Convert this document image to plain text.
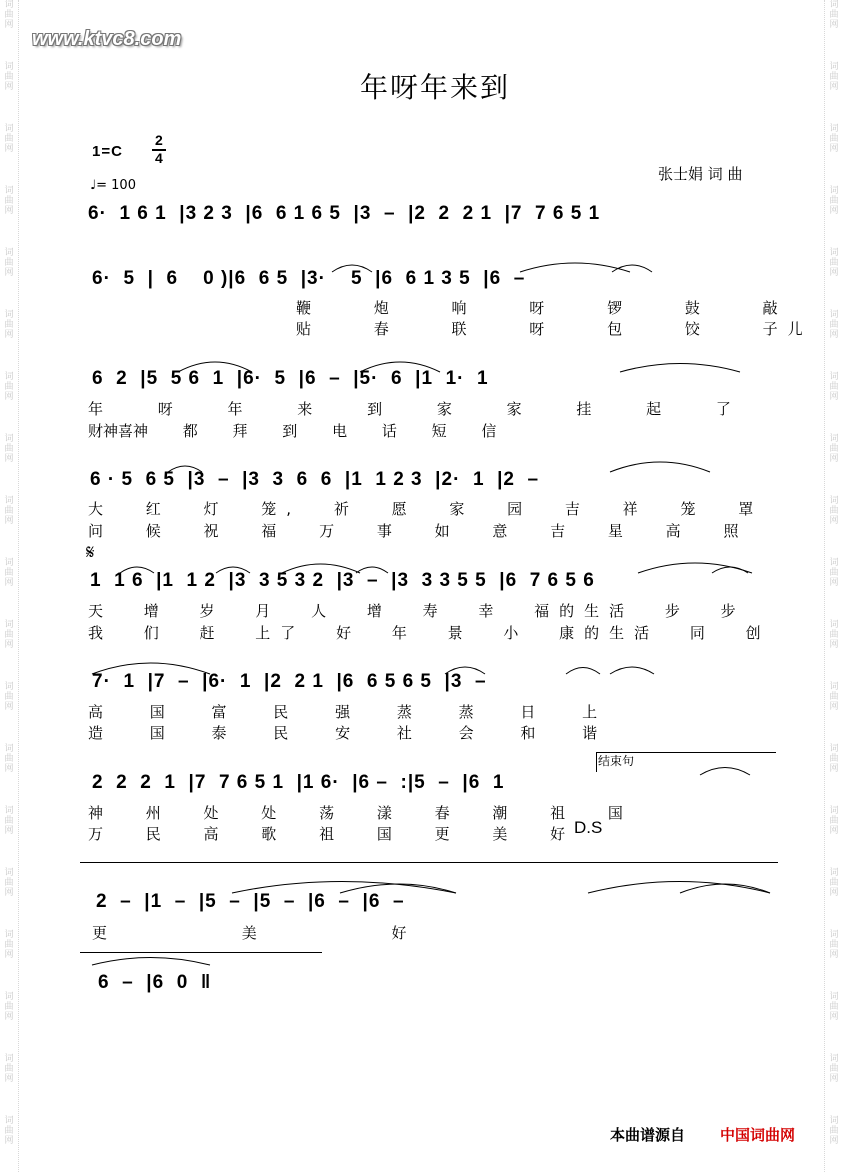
词
曲
网
词
曲
网
词
曲
网
词
曲
网
词
曲
网
词
曲
网
词
曲
网
词
曲
网
词
曲
网
词
曲
网
词
曲
网
词
曲
网
词
曲
网
词
曲
网
词
曲
网
词
曲
网
词
曲
网
词
曲
网
词
曲
网
词
曲
网
词
曲
网
词
曲
网
词
曲
网
词
曲
网
词
曲
网
词
曲
网
词
曲
网
词
曲
网
词
曲
网
词
曲
网
词
曲
网
词
曲
网
词
曲
网
词
曲
网
词
曲
网
词
曲
网
词
曲
网
词
曲
网
www.ktvc8.com
年呀年来到
1=C
2
4
♩= 100
张士娟 词 曲
6·  1 6 1  |3 2 3  |6  6 1 6 5  |3  –  |2  2  2 1  |7  7 6 5 1
6·  5  |  6    0 )|6  6 5  |3·    5  |6  6 1 3 5  |6  –
鞭 炮 响 呀 锣 鼓 敲
贴 春 联 呀 包 饺 子儿
6  2  |5  5 6  1  |6·  5  |6  –  |5·  6  |1  1·  1
年 呀 年 来 到 家 家 挂 起 了
财神喜神 都 拜 到 电 话 短 信
6 · 5  6 5  |3  –  |3  3  6  6  |1  1 2 3  |2·  1  |2  –
大 红 灯 笼, 祈 愿 家 园 吉 祥 笼 罩
问 候 祝 福 万 事 如 意 吉 星 高 照
𝄋
1  1 6  |1  1 2  |3  3 5 3 2  |3  –  |3  3 3 5 5  |6  7 6 5 6
天 增 岁 月 人 增 寿 幸 福的生活 步 步
我 们 赶 上了 好 年 景 小 康的生活 同 创
7·  1  |7  –  |6·  1  |2  2 1  |6  6 5 6 5  |3  –
高 国 富 民 强 蒸 蒸 日 上
造 国 泰 民 安 社 会 和 谐
结束句
2  2  2  1  |7  7 6 5 1  |1 6·  |6 –  :|5  –  |6  1
神 州 处 处 荡 漾 春 潮 祖 国
万 民 高 歌 祖 国 更 美 好
D.S
2  –  |1  –  |5  –  |5  –  |6  –  |6  –
更 美 好
6  –  |6  0  ‖
本曲谱源自 中国词曲网
